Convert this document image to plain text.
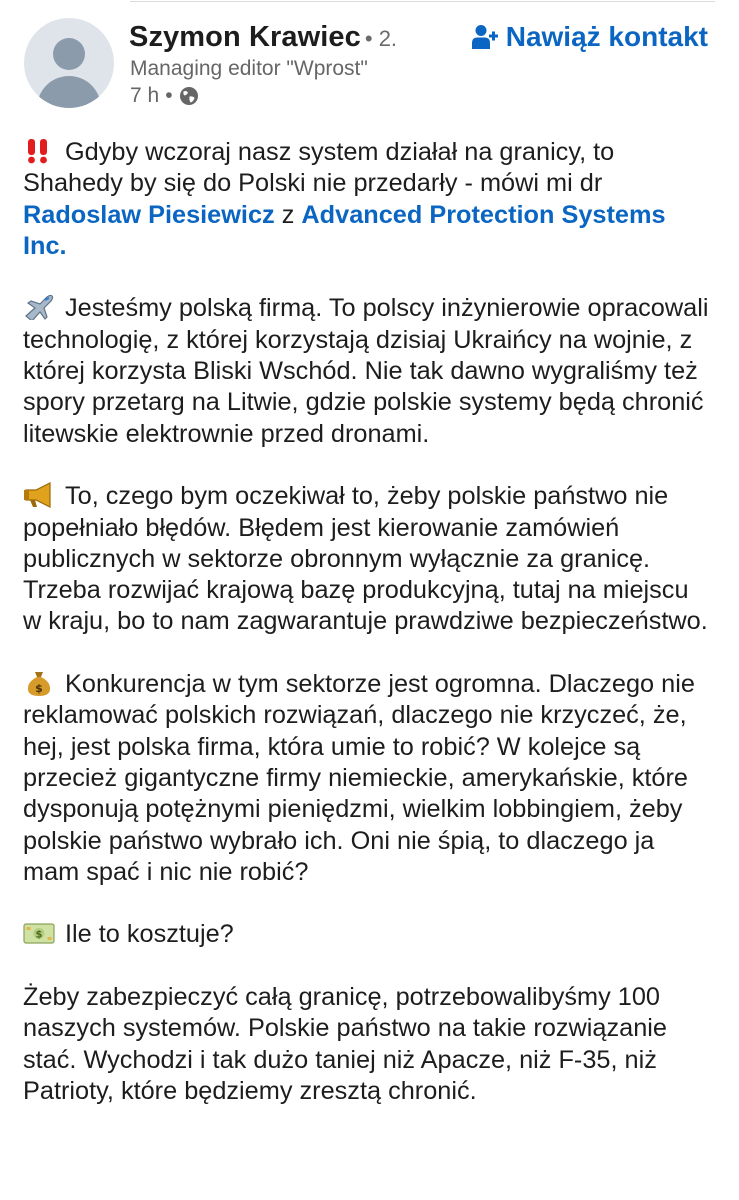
Szymon Krawiec • 2.	Nawiąż kontakt
Managing editor "Wprost"
7 h •

Gdyby wczoraj nasz system działał na granicy, to Shahedy by się do Polski nie przedarły - mówi mi dr Radoslaw Piesiewicz z Advanced Protection Systems Inc.

Jesteśmy polską firmą. To polscy inżynierowie opracowali technologię, z której korzystają dzisiaj Ukraińcy na wojnie, z której korzysta Bliski Wschód. Nie tak dawno wygraliśmy też spory przetarg na Litwie, gdzie polskie systemy będą chronić litewskie elektrownie przed dronami.

To, czego bym oczekiwał to, żeby polskie państwo nie popełniało błędów. Błędem jest kierowanie zamówień publicznych w sektorze obronnym wyłącznie za granicę. Trzeba rozwijać krajową bazę produkcyjną, tutaj na miejscu w kraju, bo to nam zagwarantuje prawdziwe bezpieczeństwo.

$ Konkurencja w tym sektorze jest ogromna. Dlaczego nie reklamować polskich rozwiązań, dlaczego nie krzyczeć, że, hej, jest polska firma, która umie to robić? W kolejce są przecież gigantyczne firmy niemieckie, amerykańskie, które dysponują potężnymi pieniędzmi, wielkim lobbingiem, żeby polskie państwo wybrało ich. Oni nie śpią, to dlaczego ja mam spać i nic nie robić?

$ Ile to kosztuje?

Żeby zabezpieczyć całą granicę, potrzebowalibyśmy 100 naszych systemów. Polskie państwo na takie rozwiązanie stać. Wychodzi i tak dużo taniej niż Apacze, niż F-35, niż Patrioty, które będziemy zresztą chronić.
